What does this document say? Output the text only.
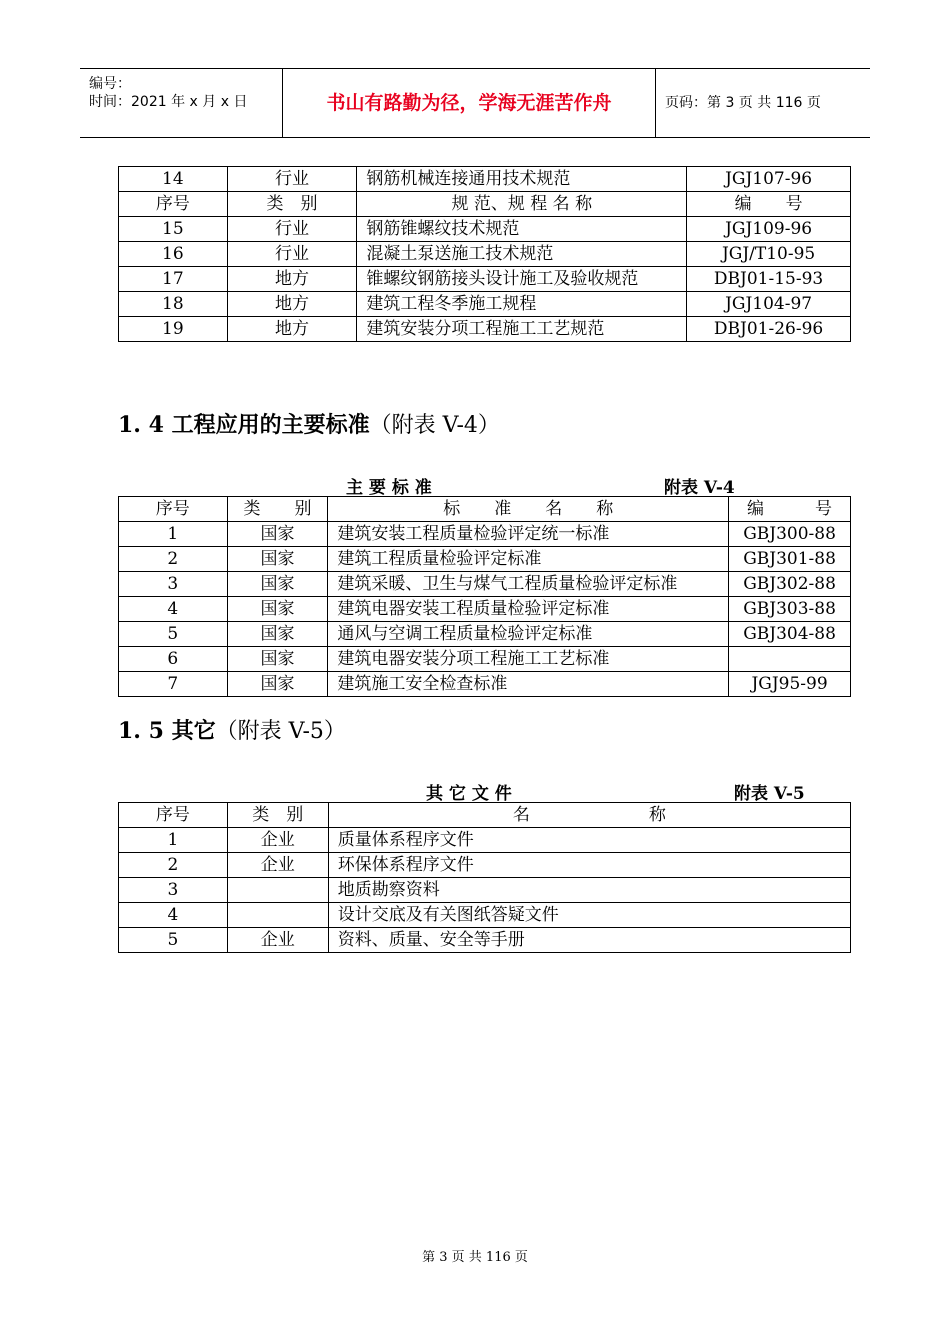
编号：
时间：2021 年 x 月 x 日	书山有路勤为径，学海无涯苦作舟	页码：第 3 页 共 116 页
14	行业	钢筋机械连接通用技术规范	JGJ107-96
序号	类　别	规 范、规 程 名 称	编　　号
15	行业	钢筋锥螺纹技术规范	JGJ109-96
16	行业	混凝土泵送施工技术规范	JGJ/T10-95
17	地方	锥螺纹钢筋接头设计施工及验收规范	DBJ01-15-93
18	地方	建筑工程冬季施工规程	JGJ104-97
19	地方	建筑安装分项工程施工工艺规范	DBJ01-26-96
1. 4 工程应用的主要标准（附表 V-4）
主 要 标 准	附表 V-4
序号	类　　别	标　　准　　名　　称	编　　　号
1	国家	建筑安装工程质量检验评定统一标准	GBJ300-88
2	国家	建筑工程质量检验评定标准	GBJ301-88
3	国家	建筑采暖、卫生与煤气工程质量检验评定标准	GBJ302-88
4	国家	建筑电器安装工程质量检验评定标准	GBJ303-88
5	国家	通风与空调工程质量检验评定标准	GBJ304-88
6	国家	建筑电器安装分项工程施工工艺标准	
7	国家	建筑施工安全检查标准	JGJ95-99
1. 5 其它（附表 V-5）
其 它 文 件	附表 V-5
序号	类　别	名　　　　　　　称
1	企业	质量体系程序文件
2	企业	环保体系程序文件
3		地质勘察资料
4		设计交底及有关图纸答疑文件
5	企业	资料、质量、安全等手册
第 3 页 共 116 页
